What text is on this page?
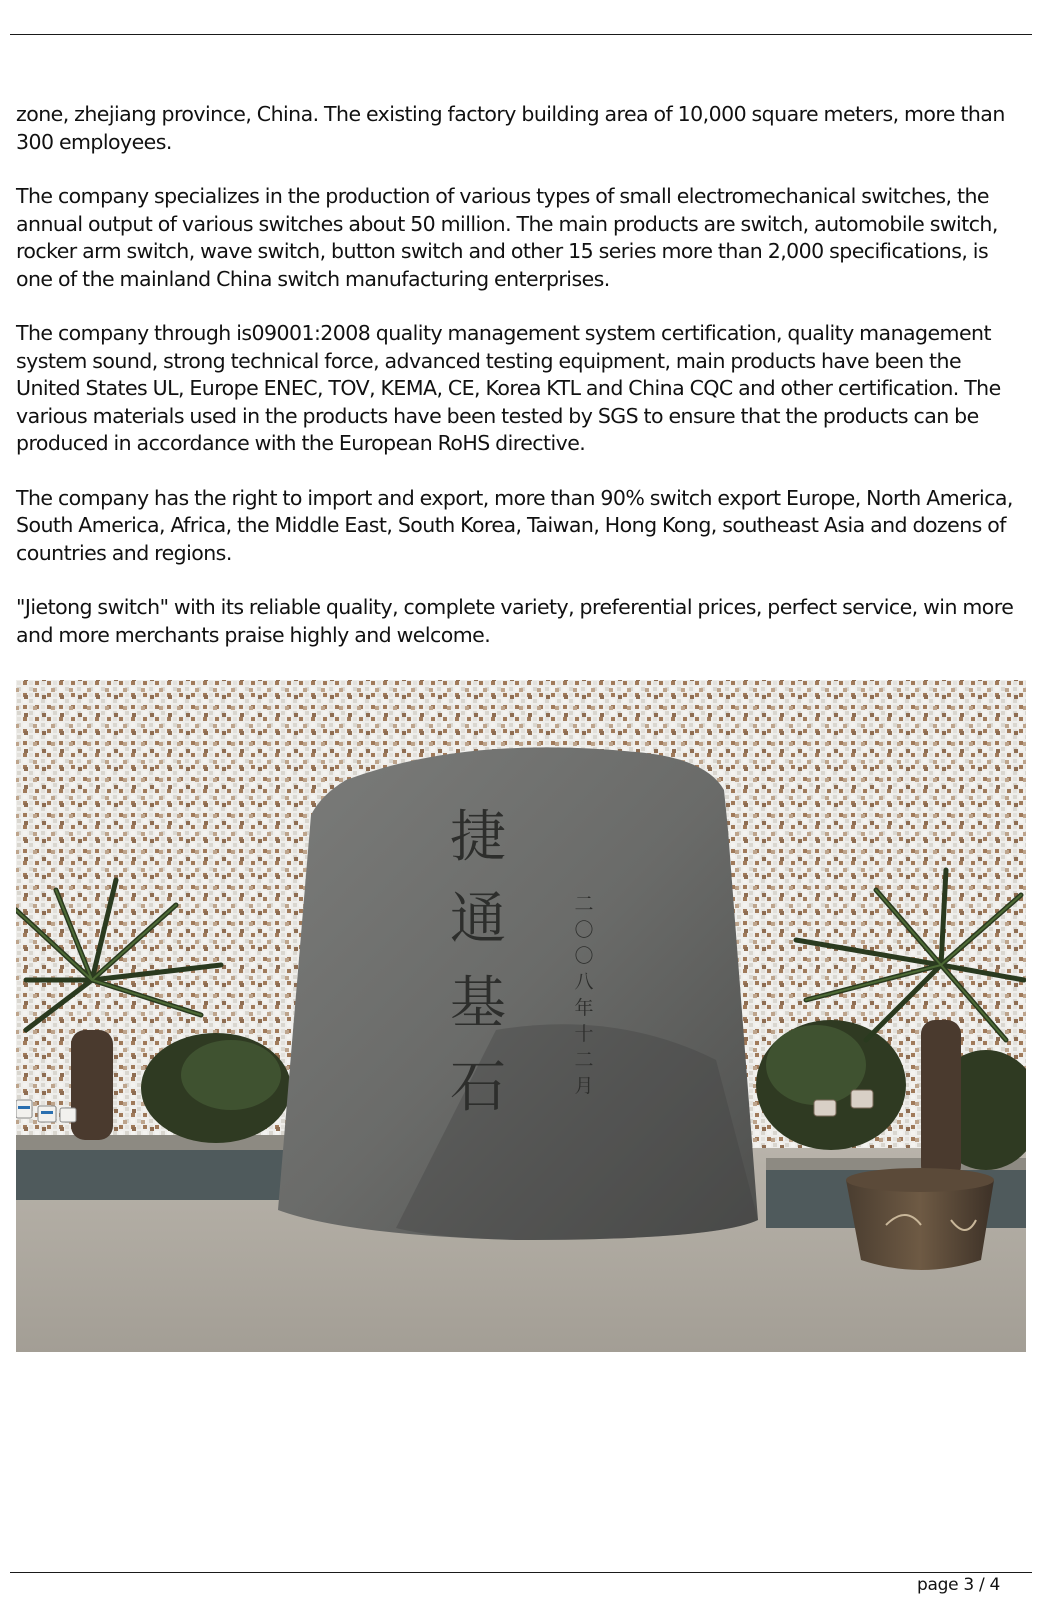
zone, zhejiang province, China. The existing factory building area of 10,000 square meters, more than 300 employees.

The company specializes in the production of various types of small electromechanical switches, the annual output of various switches about 50 million. The main products are switch, automobile switch, rocker arm switch, wave switch, button switch and other 15 series more than 2,000 specifications, is one of the mainland China switch manufacturing enterprises.

The company through is09001:2008 quality management system certification, quality management system sound, strong technical force, advanced testing equipment, main products have been the United States UL, Europe ENEC, TOV, KEMA, CE, Korea KTL and China CQC and other certification. The various materials used in the products have been tested by SGS to ensure that the products can be produced in accordance with the European RoHS directive.

The company has the right to import and export, more than 90% switch export Europe, North America, South America, Africa, the Middle East, South Korea, Taiwan, Hong Kong, southeast Asia and dozens of countries and regions.

"Jietong switch" with its reliable quality, complete variety, preferential prices, perfect service, win more and more merchants praise highly and welcome.

捷
通
基
石
二
〇
〇
八
年
十
二
月
page 3 / 4
